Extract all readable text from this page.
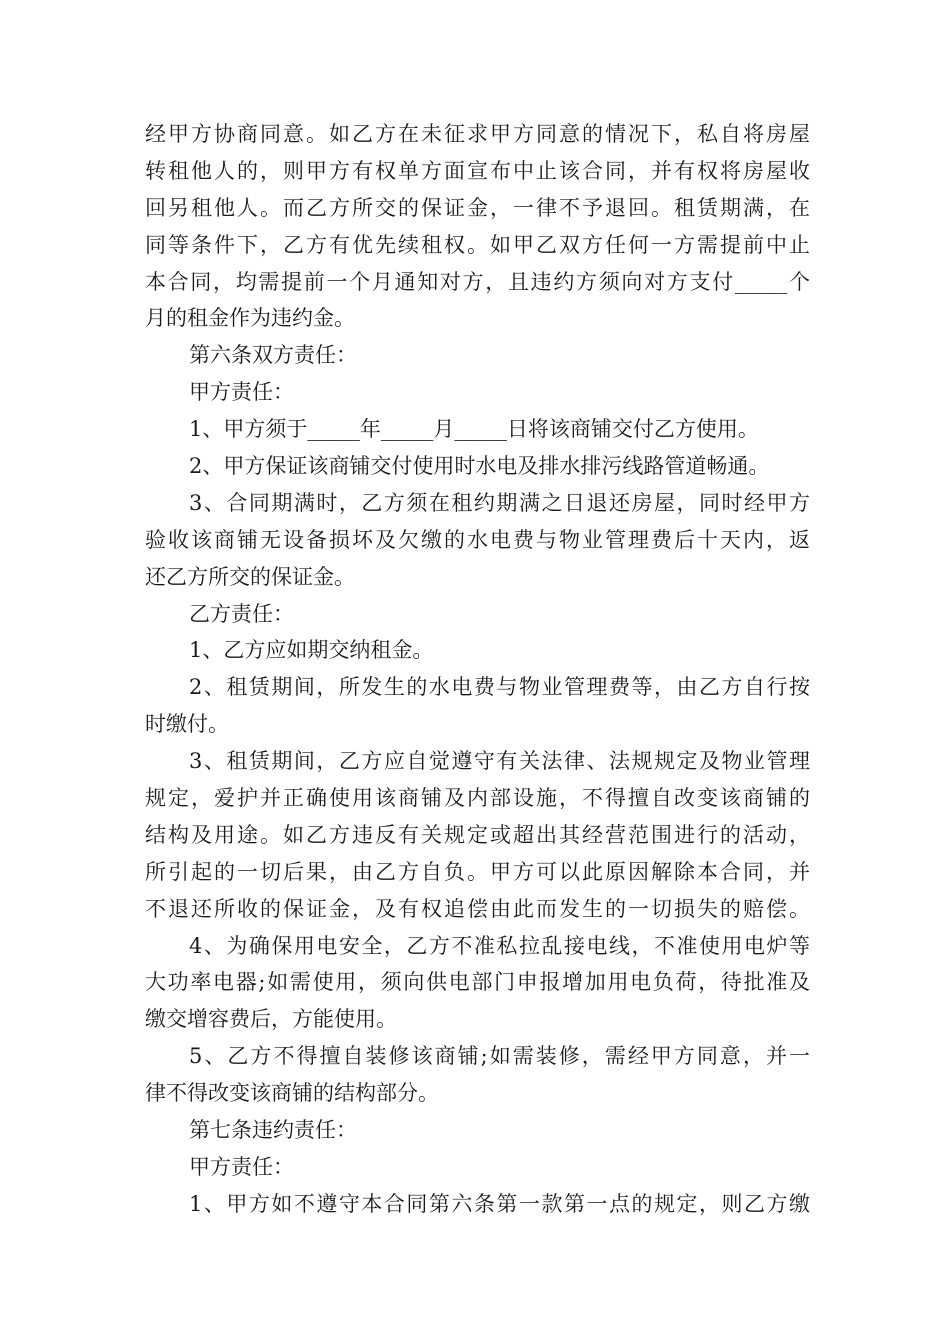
经甲方协商同意。如乙方在未征求甲方同意的情况下，私自将房屋
转租他人的，则甲方有权单方面宣布中止该合同，并有权将房屋收
回另租他人。而乙方所交的保证金，一律不予退回。租赁期满，在
同等条件下，乙方有优先续租权。如甲乙双方任何一方需提前中止
本合同，均需提前一个月通知对方，且违约方须向对方支付_____个
月的租金作为违约金。
第六条双方责任：
甲方责任：
1、甲方须于_____年_____月_____日将该商铺交付乙方使用。
2、甲方保证该商铺交付使用时水电及排水排污线路管道畅通。
3、合同期满时，乙方须在租约期满之日退还房屋，同时经甲方
验收该商铺无设备损坏及欠缴的水电费与物业管理费后十天内，返
还乙方所交的保证金。
乙方责任：
1、乙方应如期交纳租金。
2、租赁期间，所发生的水电费与物业管理费等，由乙方自行按
时缴付。
3、租赁期间，乙方应自觉遵守有关法律、法规规定及物业管理
规定，爱护并正确使用该商铺及内部设施，不得擅自改变该商铺的
结构及用途。如乙方违反有关规定或超出其经营范围进行的活动，
所引起的一切后果，由乙方自负。甲方可以此原因解除本合同，并
不退还所收的保证金，及有权追偿由此而发生的一切损失的赔偿。
4、为确保用电安全，乙方不准私拉乱接电线，不准使用电炉等
大功率电器;如需使用，须向供电部门申报增加用电负荷，待批准及
缴交增容费后，方能使用。
5、乙方不得擅自装修该商铺;如需装修，需经甲方同意，并一
律不得改变该商铺的结构部分。
第七条违约责任：
甲方责任：
1、甲方如不遵守本合同第六条第一款第一点的规定，则乙方缴
